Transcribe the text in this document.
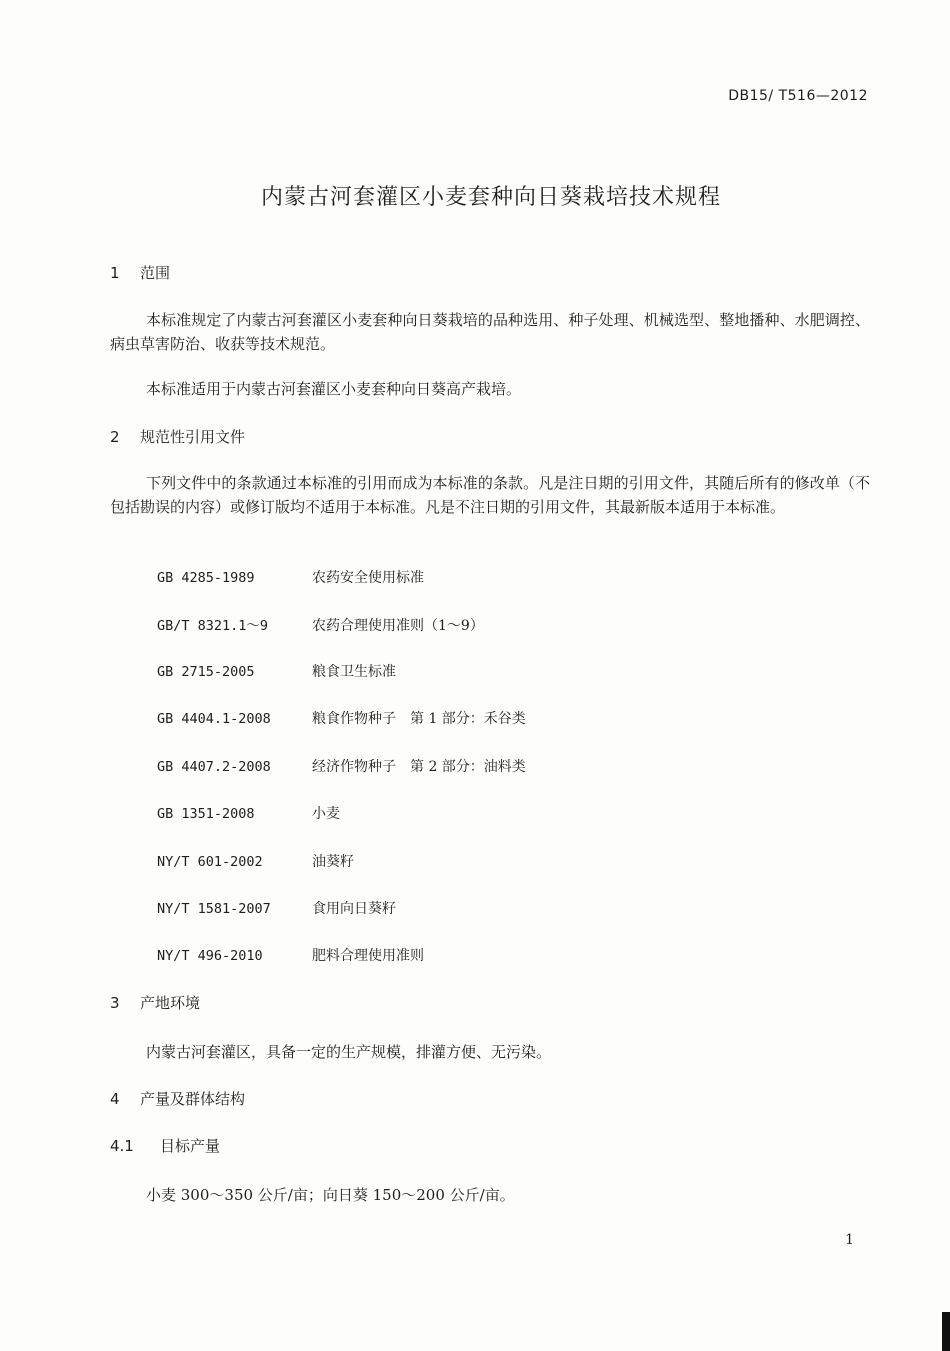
DB15/ T516—2012
内蒙古河套灌区小麦套种向日葵栽培技术规程
1 范围
本标准规定了内蒙古河套灌区小麦套种向日葵栽培的品种选用、种子处理、机械选型、整地播种、水肥调控、病虫草害防治、收获等技术规范。
本标准适用于内蒙古河套灌区小麦套种向日葵高产栽培。
2 规范性引用文件
下列文件中的条款通过本标准的引用而成为本标准的条款。凡是注日期的引用文件，其随后所有的修改单（不包括勘误的内容）或修订版均不适用于本标准。凡是不注日期的引用文件，其最新版本适用于本标准。
GB 4285-1989	农药安全使用标准
GB/T 8321.1～9	农药合理使用准则（1～9）
GB 2715-2005	粮食卫生标准
GB 4404.1-2008	粮食作物种子　第 1 部分：禾谷类
GB 4407.2-2008	经济作物种子　第 2 部分：油料类
GB 1351-2008	小麦
NY/T 601-2002	油葵籽
NY/T 1581-2007	食用向日葵籽
NY/T 496-2010	肥料合理使用准则
3 产地环境
内蒙古河套灌区，具备一定的生产规模，排灌方便、无污染。
4 产量及群体结构
4.1 目标产量
小麦 300～350 公斤/亩；向日葵 150～200 公斤/亩。
1
